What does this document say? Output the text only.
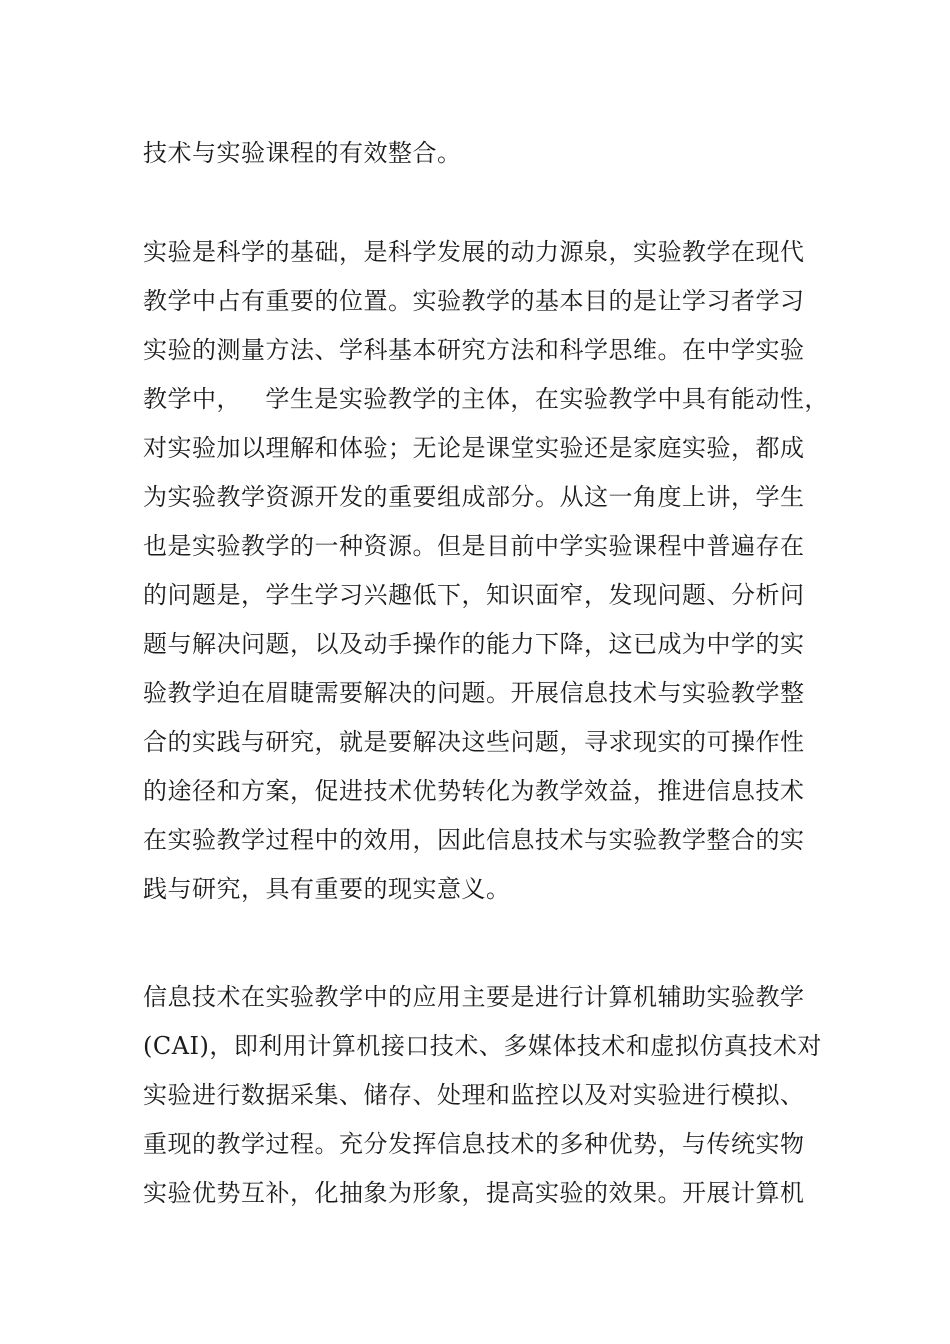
技术与实验课程的有效整合。
实验是科学的基础，是科学发展的动力源泉，实验教学在现代
教学中占有重要的位置。实验教学的基本目的是让学习者学习
实验的测量方法、学科基本研究方法和科学思维。在中学实验
教学中，   学生是实验教学的主体，在实验教学中具有能动性，
对实验加以理解和体验；无论是课堂实验还是家庭实验，都成
为实验教学资源开发的重要组成部分。从这一角度上讲，学生
也是实验教学的一种资源。但是目前中学实验课程中普遍存在
的问题是，学生学习兴趣低下，知识面窄，发现问题、分析问
题与解决问题，以及动手操作的能力下降，这已成为中学的实
验教学迫在眉睫需要解决的问题。开展信息技术与实验教学整
合的实践与研究，就是要解决这些问题，寻求现实的可操作性
的途径和方案，促进技术优势转化为教学效益，推进信息技术
在实验教学过程中的效用，因此信息技术与实验教学整合的实
践与研究，具有重要的现实意义。
信息技术在实验教学中的应用主要是进行计算机辅助实验教学
(CAI)，即利用计算机接口技术、多媒体技术和虚拟仿真技术对
实验进行数据采集、储存、处理和监控以及对实验进行模拟、
重现的教学过程。充分发挥信息技术的多种优势，与传统实物
实验优势互补，化抽象为形象，提高实验的效果。开展计算机
